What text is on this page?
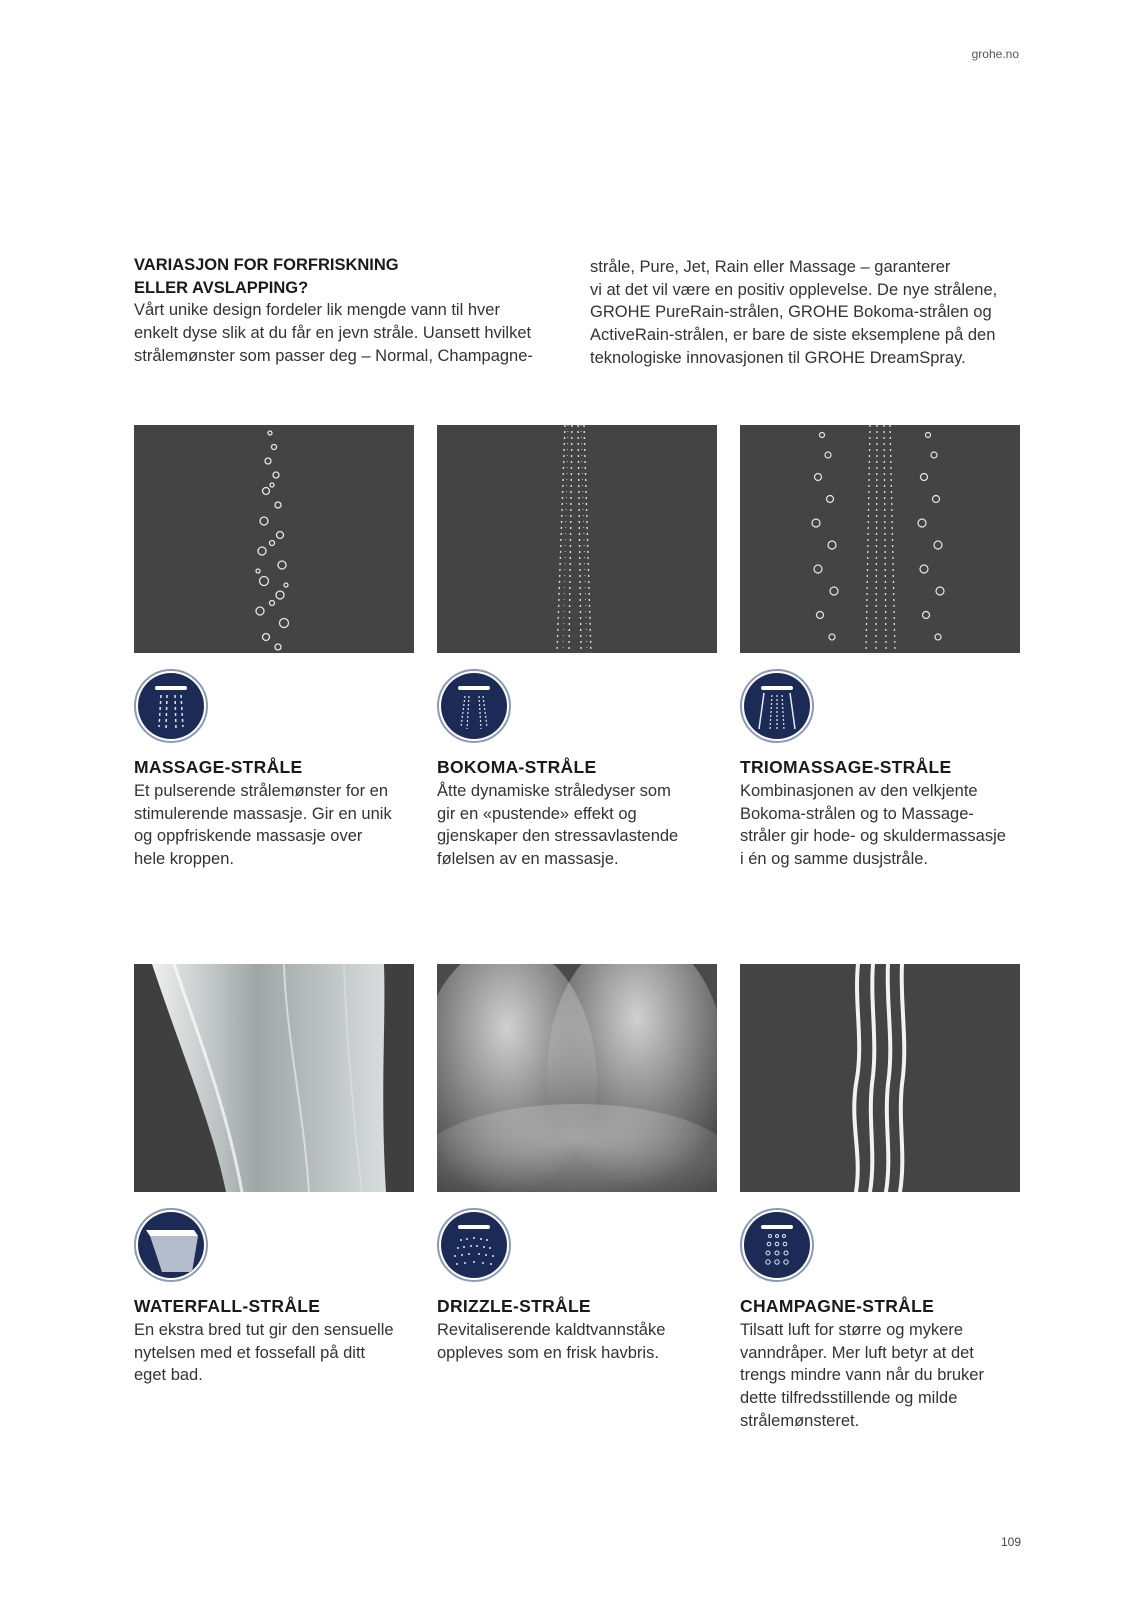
grohe.no
VARIASJON FOR FORFRISKNING
ELLER AVSLAPPING?
Vårt unike design fordeler lik mengde vann til hver
enkelt dyse slik at du får en jevn stråle. Uansett hvilket
strålemønster som passer deg – Normal, Champagne-
stråle, Pure, Jet, Rain eller Massage – garanterer
vi at det vil være en positiv opplevelse. De nye strålene,
GROHE PureRain-strålen, GROHE Bokoma-strålen og
ActiveRain-strålen, er bare de siste eksemplene på den
teknologiske innovasjonen til GROHE DreamSpray.
MASSAGE-STRÅLE
Et pulserende strålemønster for en
stimulerende massasje. Gir en unik
og oppfriskende massasje over
hele kroppen.
BOKOMA-STRÅLE
Åtte dynamiske stråledyser som
gir en «pustende» effekt og
gjenskaper den stressavlastende
følelsen av en massasje.
TRIOMASSAGE-STRÅLE
Kombinasjonen av den velkjente
Bokoma-strålen og to Massage-
stråler gir hode- og skuldermassasje
i én og samme dusjstråle.
WATERFALL-STRÅLE
En ekstra bred tut gir den sensuelle
nytelsen med et fossefall på ditt
eget bad.
DRIZZLE-STRÅLE
Revitaliserende kaldtvannståke
oppleves som en frisk havbris.
CHAMPAGNE-STRÅLE
Tilsatt luft for større og mykere
vanndråper. Mer luft betyr at det
trengs mindre vann når du bruker
dette tilfredsstillende og milde
strålemønsteret.
109
